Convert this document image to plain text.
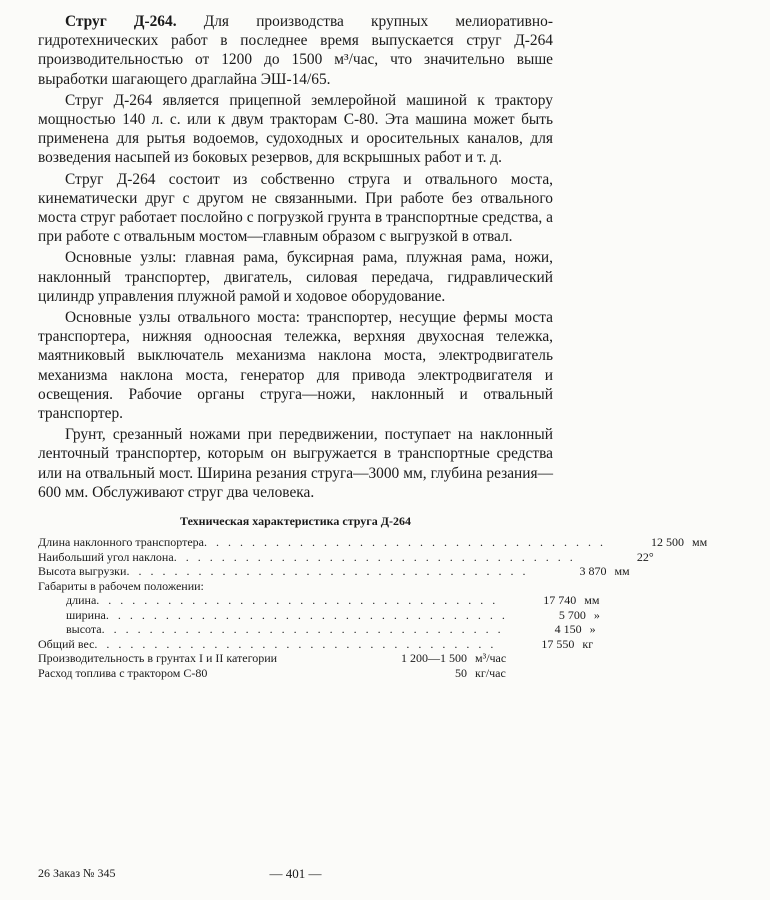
Струг Д-264. Для производства крупных мелиоративно-гидротехнических работ в последнее время выпускается струг Д-264 производительностью от 1200 до 1500 м³/час, что значительно выше выработки шагающего драглайна ЭШ-14/65.

Струг Д-264 является прицепной землеройной машиной к трактору мощностью 140 л. с. или к двум тракторам С-80. Эта машина может быть применена для рытья водоемов, судоходных и оросительных каналов, для возведения насыпей из боковых резервов, для вскрышных работ и т. д.

Струг Д-264 состоит из собственно струга и отвального моста, кинематически друг с другом не связанными. При работе без отвального моста струг работает поcлойно с погрузкой грунта в транспортные средства, а при работе с отвальным мостом—главным образом с выгрузкой в отвал.

Основные узлы: главная рама, буксирная рама, плужная рама, ножи, наклонный транспортер, двигатель, силовая передача, гидравлический цилиндр управления плужной рамой и ходовое оборудование.

Основные узлы отвального моста: транспортер, несущие фермы моста транспортера, нижняя одноосная тележка, верхняя двухосная тележка, маятниковый выключатель механизма наклона моста, электродвигатель механизма наклона моста, генератор для привода электродвигателя и освещения. Рабочие органы струга—ножи, наклонный и отвальный транспортер.

Грунт, срезанный ножами при передвижении, поступает на наклонный ленточный транспортер, которым он выгружается в транспортные средства или на отвальный мост. Ширина резания струга—3000 мм, глубина резания—600 мм. Обслуживают струг два человека.

Техническая характеристика струга Д-264
Длина наклонного транспортера . . . . . . . . . . . . . . . . . . . . . . . . . . . . . . . . . .	12 500 мм
Наибольший угол наклона . . . . . . . . . . . . . . . . . . . . . . . . . . . . . . . . . .	22°
Высота выгрузки . . . . . . . . . . . . . . . . . . . . . . . . . . . . . . . . . .	3 870 мм
Габариты в рабочем положении:
длина . . . . . . . . . . . . . . . . . . . . . . . . . . . . . . . . . .	17 740 мм
ширина . . . . . . . . . . . . . . . . . . . . . . . . . . . . . . . . . .	5 700 »
высота . . . . . . . . . . . . . . . . . . . . . . . . . . . . . . . . . .	4 150 »
Общий вес . . . . . . . . . . . . . . . . . . . . . . . . . . . . . . . . . .	17 550 кг
Производительность в грунтах I и II категории	1 200—1 500 м³/час
Расход топлива с трактором С-80	50 кг/час
— 401 —
26 Заказ № 345
